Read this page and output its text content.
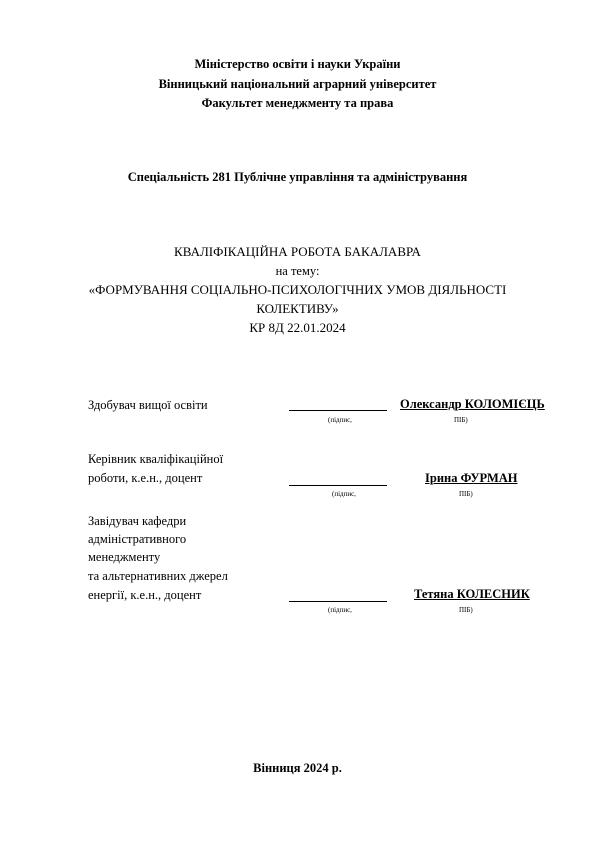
Міністерство освіти і науки України
Вінницький національний аграрний університет
Факультет менеджменту та права
Спеціальність 281 Публічне управління та адміністрування
КВАЛІФІКАЦІЙНА РОБОТА БАКАЛАВРА
на тему:
«ФОРМУВАННЯ СОЦІАЛЬНО-ПСИХОЛОГІЧНИХ УМОВ ДІЯЛЬНОСТІ
КОЛЕКТИВУ»
КР 8Д 22.01.2024
Здобувач вищої освіти	Олександр КОЛОМІЄЦЬ
(підпис,	ПІБ)
Керівник кваліфікаційної
роботи, к.е.н., доцент	Ірина ФУРМАН
(підпис,	ПІБ)
Завідувач кафедри
адміністративного
менеджменту
та альтернативних джерел
енергії, к.е.н., доцент	Тетяна КОЛЕСНИК
(підпис,	ПІБ)
Вінниця 2024 р.
